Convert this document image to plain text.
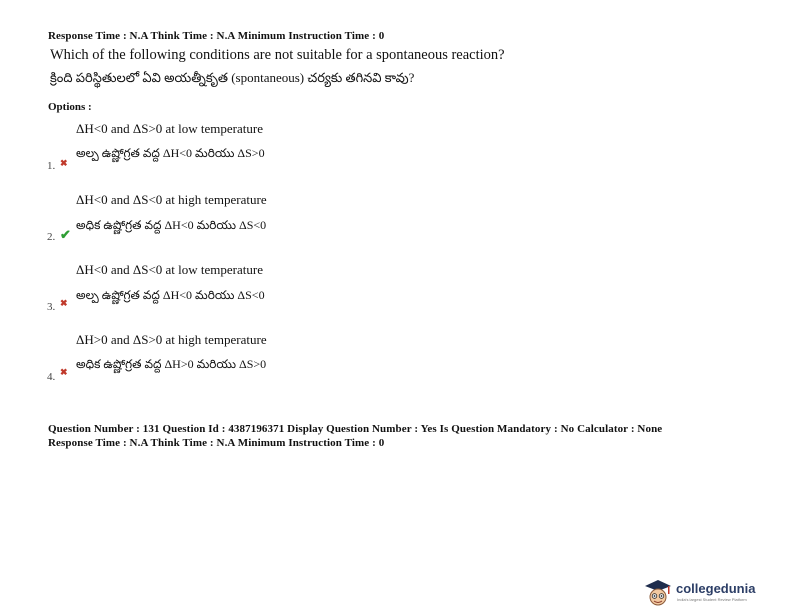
Response Time : N.A Think Time : N.A Minimum Instruction Time : 0
Which of the following conditions are not suitable for a spontaneous reaction?
క్రింది పరిస్థితులలో ఏవి అయత్నీకృత (spontaneous) చర్యకు తగినవి కావు?
Options :
ΔH<0 and ΔS>0 at low temperature
అల్ప ఉష్ణోగ్రత వద్ద ΔH<0 మరియు ΔS>0
1. ✖
ΔH<0 and ΔS<0 at high temperature
అధిక ఉష్ణోగ్రత వద్ద ΔH<0 మరియు ΔS<0
2. ✔
ΔH<0 and ΔS<0 at low temperature
అల్ప ఉష్ణోగ్రత వద్ద ΔH<0 మరియు ΔS<0
3. ✖
ΔH>0 and ΔS>0 at high temperature
అధిక ఉష్ణోగ్రత వద్ద ΔH>0 మరియు ΔS>0
4. ✖
Question Number : 131 Question Id : 4387196371 Display Question Number : Yes Is Question Mandatory : No Calculator : None
Response Time : N.A Think Time : N.A Minimum Instruction Time : 0
collegedunia
India's largest Student Review Platform
